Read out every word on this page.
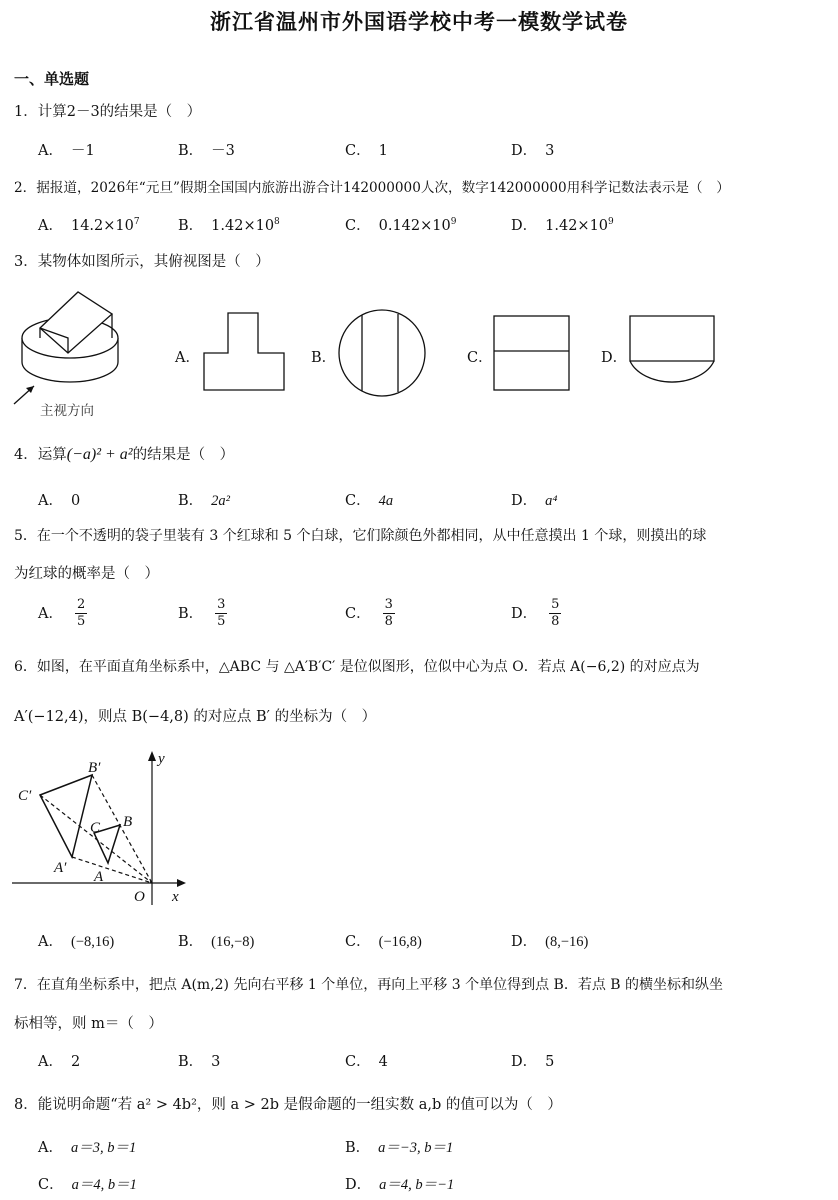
浙江省温州市外国语学校中考一模数学试卷
一、单选题
1．计算2－3的结果是（　）
A． －1	B． －3	C． 1	D． 3
2．据报道，2026年“元旦”假期全国国内旅游出游合计142000000人次，数字142000000用科学记数法表示是（　）
A． $14.2\times 10^7$	B． $1.42\times 10^8$	C． $0.142\times 10^9$	D． $1.42\times 10^9$
3．某物体如图所示，其俯视图是（　）
主视方向
A．	B．	C．	D．
4．运算(−a)² + a²的结果是（　）
A． 0	B． 2a²	C． 4a	D． a⁴
5．在一个不透明的袋子里装有 3 个红球和 5 个白球，它们除颜色外都相同，从中任意摸出 1 个球，则摸出的球
为红球的概率是（　）
A． $\frac{2}{5}$	B． $\frac{3}{5}$	C． $\frac{3}{8}$	D． $\frac{5}{8}$
6．如图，在平面直角坐标系中，△ABC 与 △A′B′C′ 是位似图形，位似中心为点 O．若点 A(−6,2) 的对应点为
A′(−12,4)，则点 B(−4,8) 的对应点 B′ 的坐标为（　）
B′
C′
A′
C B
A
O x
y
A． (−8,16)	B． (16,−8)	C． (−16,8)	D． (8,−16)
7．在直角坐标系中，把点 A(m,2) 先向右平移 1 个单位，再向上平移 3 个单位得到点 B．若点 B 的横坐标和纵坐
标相等，则 m＝（　）
A． 2	B． 3	C． 4	D． 5
8．能说明命题“若 a² > 4b²，则 a > 2b 是假命题的一组实数 a,b 的值可以为（　）
A． a＝3, b＝1	B． a＝−3, b＝1
C． a＝4, b＝1	D． a＝4, b＝−1
